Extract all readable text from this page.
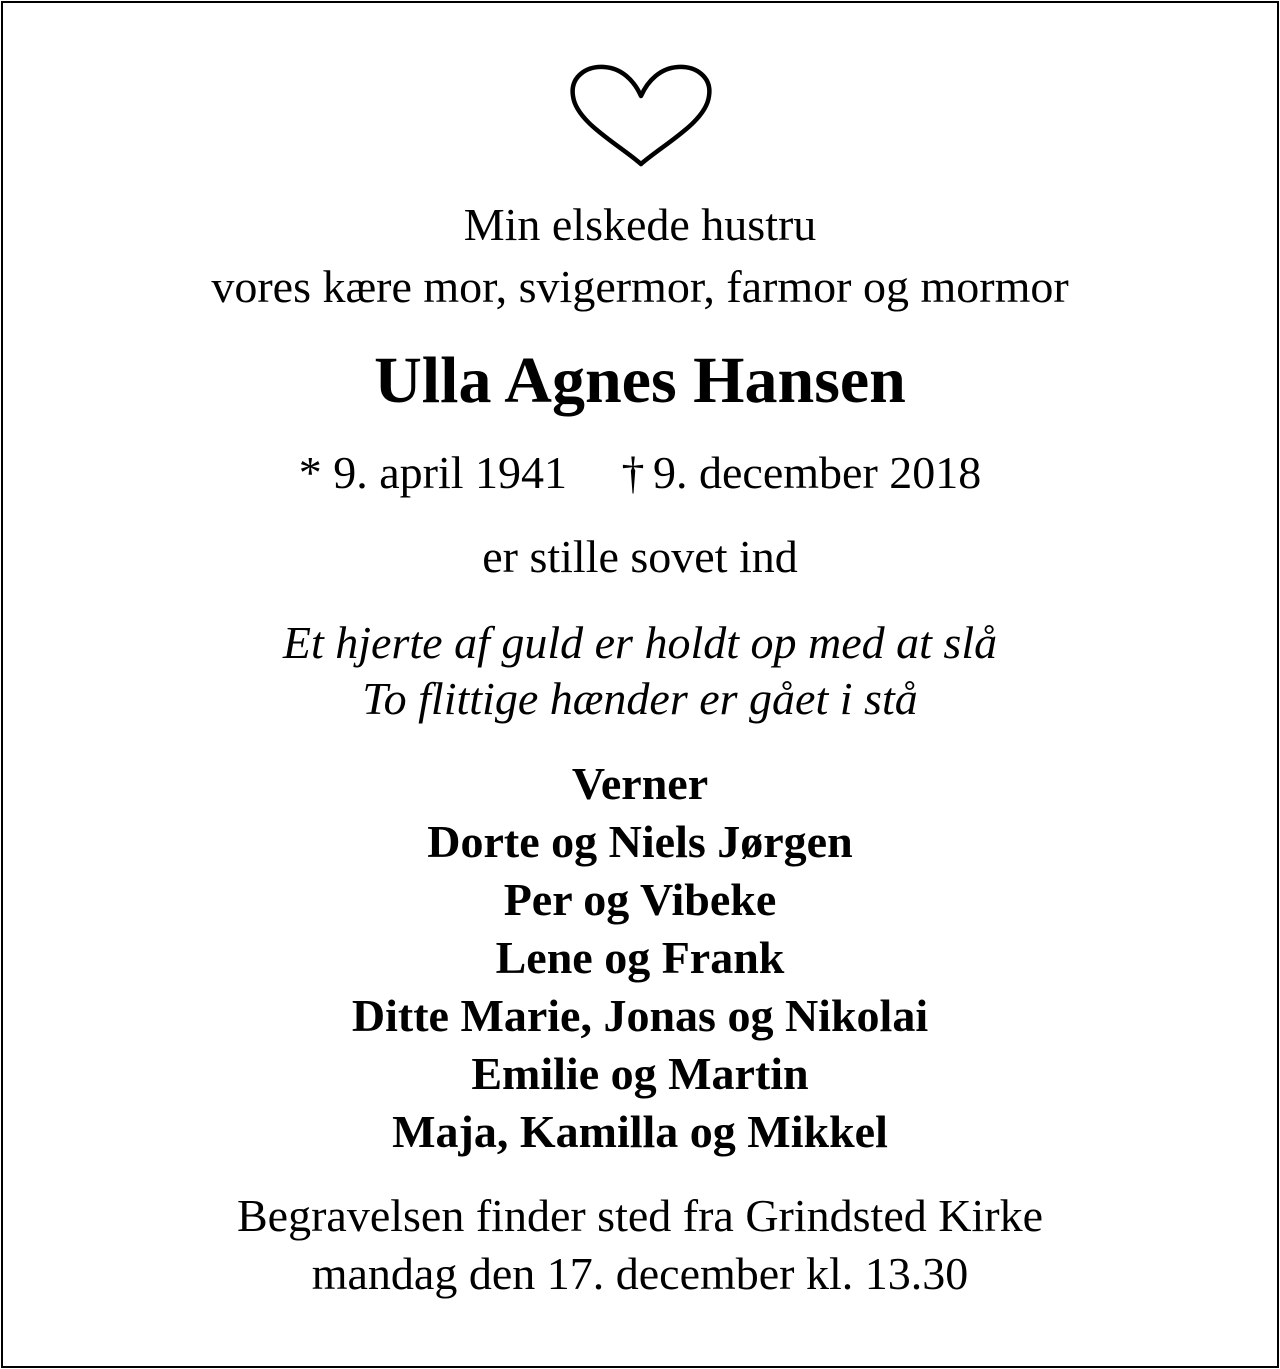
Min elskede hustru
vores kære mor, svigermor, farmor og mormor
Ulla Agnes Hansen
* 9. april 1941 † 9. december 2018
er stille sovet ind
Et hjerte af guld er holdt op med at slå
To flittige hænder er gået i stå
Verner
Dorte og Niels Jørgen
Per og Vibeke
Lene og Frank
Ditte Marie, Jonas og Nikolai
Emilie og Martin
Maja, Kamilla og Mikkel
Begravelsen finder sted fra Grindsted Kirke
mandag den 17. december kl. 13.30
